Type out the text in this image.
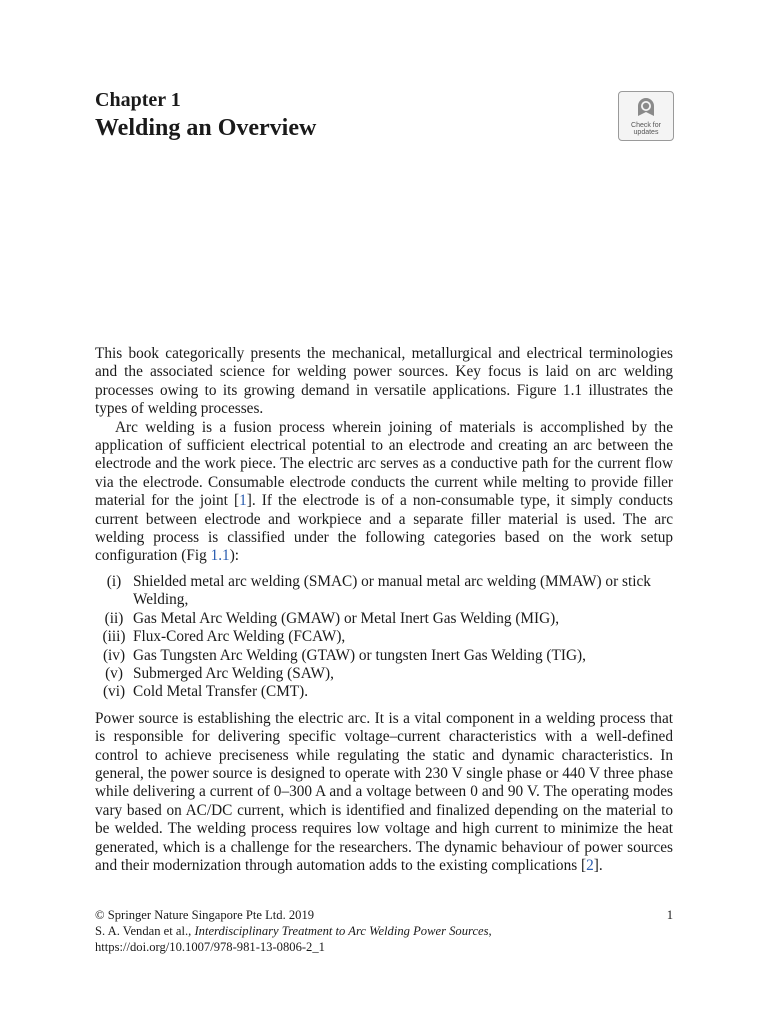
Chapter 1
Welding an Overview	Check for
updates

This book categorically presents the mechanical, metallurgical and electrical terminologies and the associated science for welding power sources. Key focus is laid on arc welding processes owing to its growing demand in versatile applications. Figure 1.1 illustrates the types of welding processes.

Arc welding is a fusion process wherein joining of materials is accomplished by the application of sufficient electrical potential to an electrode and creating an arc between the electrode and the work piece. The electric arc serves as a conductive path for the current flow via the electrode. Consumable electrode conducts the current while melting to provide filler material for the joint [1]. If the electrode is of a non-consumable type, it simply conducts current between electrode and workpiece and a separate filler material is used. The arc welding process is classified under the following categories based on the work setup configuration (Fig 1.1):

(i) Shielded metal arc welding (SMAC) or manual metal arc welding (MMAW) or stick Welding,
(ii) Gas Metal Arc Welding (GMAW) or Metal Inert Gas Welding (MIG),
(iii) Flux-Cored Arc Welding (FCAW),
(iv) Gas Tungsten Arc Welding (GTAW) or tungsten Inert Gas Welding (TIG),
(v) Submerged Arc Welding (SAW),
(vi) Cold Metal Transfer (CMT).

Power source is establishing the electric arc. It is a vital component in a welding process that is responsible for delivering specific voltage–current characteristics with a well-defined control to achieve preciseness while regulating the static and dynamic characteristics. In general, the power source is designed to operate with 230 V single phase or 440 V three phase while delivering a current of 0–300 A and a voltage between 0 and 90 V. The operating modes vary based on AC/DC current, which is identified and finalized depending on the material to be welded. The welding process requires low voltage and high current to minimize the heat generated, which is a challenge for the researchers. The dynamic behaviour of power sources and their modernization through automation adds to the existing complications [2].

© Springer Nature Singapore Pte Ltd. 2019	1
S. A. Vendan et al., Interdisciplinary Treatment to Arc Welding Power Sources,
https://doi.org/10.1007/978-981-13-0806-2_1
